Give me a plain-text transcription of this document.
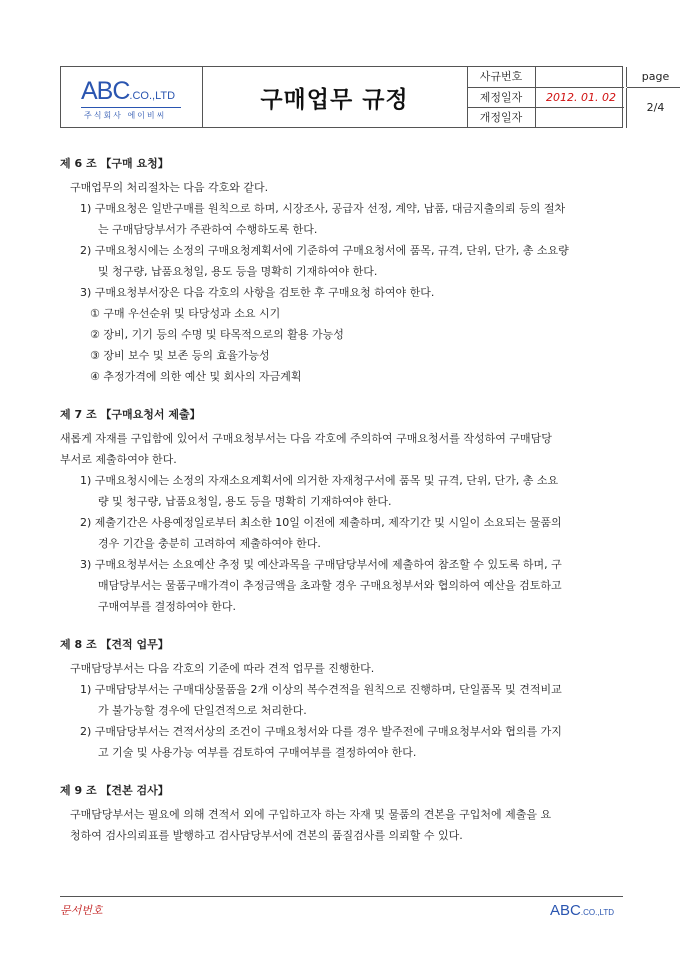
ABC.CO.,LTD
주식회사 에이비씨
구매업무 규정
사규번호
제정일자	2012. 01. 02
개정일자
page
2/4
제 6 조 【구매 요청】
구매업무의 처리절차는 다음 각호와 같다.
1) 구매요청은 일반구매를 원칙으로 하며, 시장조사, 공급자 선정, 계약, 납품, 대금지출의뢰 등의 절차
는 구매담당부서가 주관하여 수행하도록 한다.
2) 구매요청시에는 소정의 구매요청계획서에 기준하여 구매요청서에 품목, 규격, 단위, 단가, 총 소요량
및 청구량, 납품요청일, 용도 등을 명확히 기재하여야 한다.
3) 구매요청부서장은 다음 각호의 사항을 검토한 후 구매요청 하여야 한다.
① 구매 우선순위 및 타당성과 소요 시기
② 장비, 기기 등의 수명 및 타목적으로의 활용 가능성
③ 장비 보수 및 보존 등의 효율가능성
④ 추정가격에 의한 예산 및 회사의 자금계획
제 7 조 【구매요청서 제출】
새롭게 자재를 구입함에 있어서 구매요청부서는 다음 각호에 주의하여 구매요청서를 작성하여 구매담당
부서로 제출하여야 한다.
1) 구매요청시에는 소정의 자재소요계획서에 의거한 자재청구서에 품목 및 규격, 단위, 단가, 총 소요
량 및 청구량, 납품요청일, 용도 등을 명확히 기재하여야 한다.
2) 제출기간은 사용예정일로부터 최소한 10일 이전에 제출하며, 제작기간 및 시일이 소요되는 물품의
경우 기간을 충분히 고려하여 제출하여야 한다.
3) 구매요청부서는 소요예산 추정 및 예산과목을 구매담당부서에 제출하여 참조할 수 있도록 하며, 구
매담당부서는 물품구매가격이 추정금액을 초과할 경우 구매요청부서와 협의하여 예산을 검토하고
구매여부를 결정하여야 한다.
제 8 조 【견적 업무】
구매담당부서는 다음 각호의 기준에 따라 견적 업무를 진행한다.
1) 구매담당부서는 구매대상물품을 2개 이상의 복수견적을 원칙으로 진행하며, 단일품목 및 견적비교
가 불가능할 경우에 단일견적으로 처리한다.
2) 구매담당부서는 견적서상의 조건이 구매요청서와 다를 경우 발주전에 구매요청부서와 협의를 가지
고 기술 및 사용가능 여부를 검토하여 구매여부를 결정하여야 한다.
제 9 조 【견본 검사】
구매담당부서는 필요에 의해 견적서 외에 구입하고자 하는 자재 및 물품의 견본을 구입처에 제출을 요
청하여 검사의뢰표를 발행하고 검사담당부서에 견본의 품질검사를 의뢰할 수 있다.
문서번호	ABC.CO.,LTD
